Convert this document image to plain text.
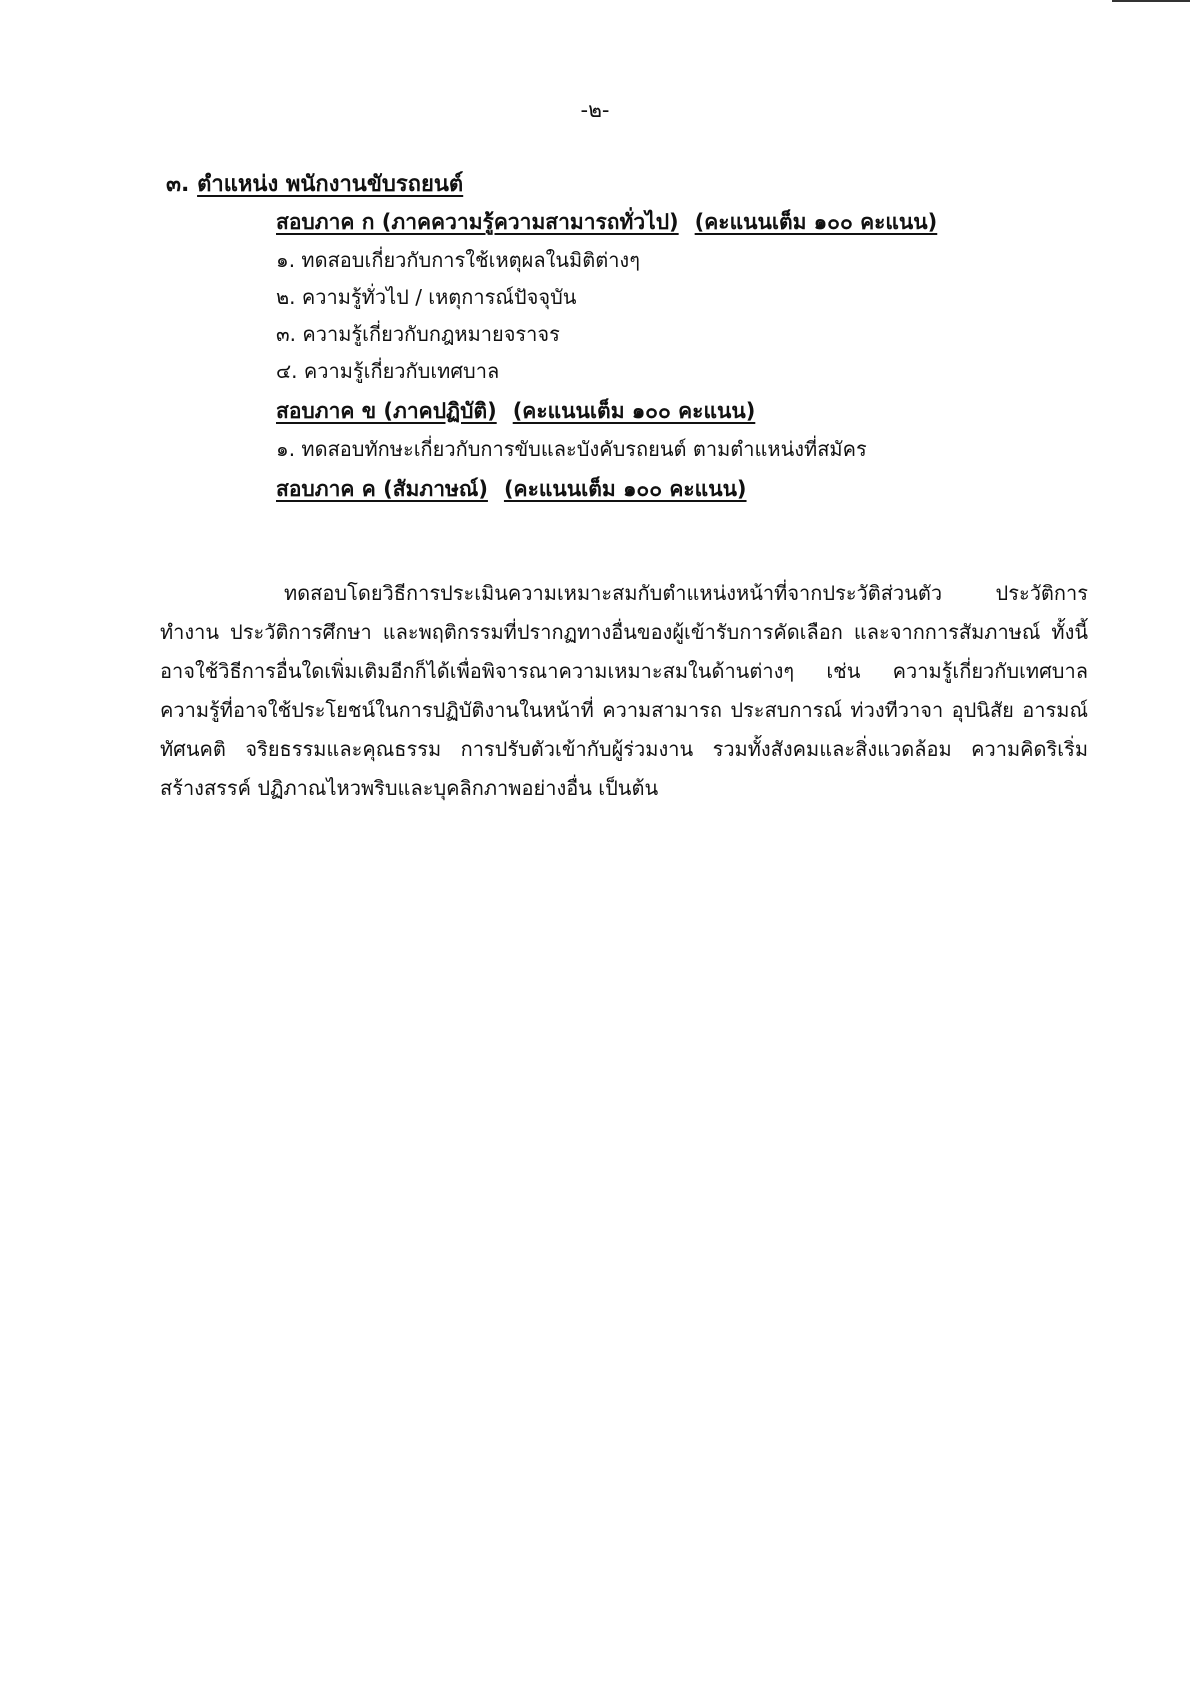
-๒-
๓. ตำแหน่ง พนักงานขับรถยนต์
สอบภาค ก (ภาคความรู้ความสามารถทั่วไป) (คะแนนเต็ม ๑๐๐ คะแนน)
๑. ทดสอบเกี่ยวกับการใช้เหตุผลในมิติต่างๆ
๒. ความรู้ทั่วไป / เหตุการณ์ปัจจุบัน
๓. ความรู้เกี่ยวกับกฎหมายจราจร
๔. ความรู้เกี่ยวกับเทศบาล
สอบภาค ข (ภาคปฏิบัติ) (คะแนนเต็ม ๑๐๐ คะแนน)
๑. ทดสอบทักษะเกี่ยวกับการขับและบังคับรถยนต์ ตามตำแหน่งที่สมัคร
สอบภาค ค (สัมภาษณ์) (คะแนนเต็ม ๑๐๐ คะแนน)

ทดสอบโดยวิธีการประเมินความเหมาะสมกับตำแหน่งหน้าที่จากประวัติส่วนตัว ประวัติการทำงาน ประวัติการศึกษา และพฤติกรรมที่ปรากฏทางอื่นของผู้เข้ารับการคัดเลือก และจากการสัมภาษณ์ ทั้งนี้ อาจใช้วิธีการอื่นใดเพิ่มเติมอีกก็ได้เพื่อพิจารณาความเหมาะสมในด้านต่างๆ เช่น ความรู้เกี่ยวกับเทศบาล ความรู้ที่อาจใช้ประโยชน์ในการปฏิบัติงานในหน้าที่ ความสามารถ ประสบการณ์ ท่วงทีวาจา อุปนิสัย อารมณ์ ทัศนคติ จริยธรรมและคุณธรรม การปรับตัวเข้ากับผู้ร่วมงาน รวมทั้งสังคมและสิ่งแวดล้อม ความคิดริเริ่มสร้างสรรค์ ปฏิภาณไหวพริบและบุคลิกภาพอย่างอื่น เป็นต้น
